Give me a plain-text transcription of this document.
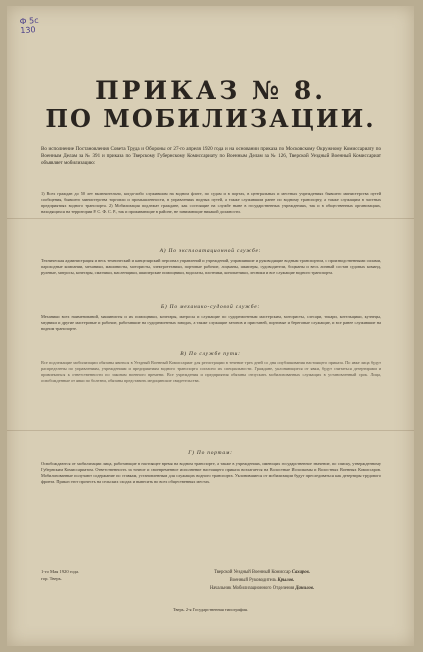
Ф 5с
130
ПРИКАЗ № 8.
ПО МОБИЛИЗАЦИИ.
Во исполнение Постановления Совета Труда и Обороны от 27-го апреля 1920 года и на основании приказа по Московскому Окружному Комиссариату по Военным Делам за № 391 и приказа по Тверскому Губернскому Комиссариату по Военным Делам за № 126, Тверской Уездный Военный Комиссариат объявляет мобилизацию:
1) Всех граждан до 50 лет включительно, когда-либо служившим на водном флоте, по судам и в портах, в центральных и местных учреждениях бывшего министерства путей сообщения, бывшего министерства торговли и промышленности, в управлениях водных путей, а также служившим ранее по водному транспорту, а также служащим в частных предприятиях водного транспорта. 2) Мобилизация подлежат граждане, как состоящие на службе ныне в государственных учреждениях, так и в общественных организациях, находящихся на территории Р. С. Ф. С. Р., так и проживающие в районе, не занимающие никакой должности.
А) По эксплоатационной службе:
Техническая администрация и весь технический и канцелярский персонал управлений и учреждений, управлявшие и руководящие водным транспортом, с производственными силами, пароходные компании, механики, машинисты, мотористы, электротехники, портовые рабочие, лоцманы, шкиперы, судоводители, боцманы и весь личный состав судовых команд, рулевые, матросы, кочегары, смазчики, масленщики, шкиперские помощники, водолазы, плотники, конопатчики, лесники и все служащие водного транспорта.
Б) По механико-судовой службе:
Механики всех наименований, машинисты и их помощники, кочегары, матросы и служащие по судоремонтным мастерским, мотористы, слесари, токари, котельщики, кузнецы, медники и другие мастеровые и рабочие, работавшие на судоремонтных заводах, а также служащие затонов и пристаней, портовые и береговые служащие, и все ранее служившие на водном транспорте.
В) По службе пути:
Все подлежащие мобилизации обязаны явиться в Уездный Военный Комиссариат для регистрации в течение трех дней со дня опубликования настоящего приказа. По явке лица будут распределены по управлениям, учреждениям и предприятиям водного транспорта согласно их специальности. Граждане, уклоняющиеся от явки, будут считаться дезертирами и привлекаться к ответственности по законам военного времени. Все учреждения и предприятия обязаны отпускать мобилизованных служащих в установленный срок. Лица, освобожденные от явки по болезни, обязаны представить медицинские свидетельства.
Г) По портам:
Освобождаются от мобилизации лица, работающие в настоящее время на водном транспорте, а также в учреждениях, имеющих государственное значение, по списку, утвержденному Губернским Комиссариатом. Ответственность за точное и своевременное исполнение настоящего приказа возлагается на Волостные Исполкомы и Волостных Военных Комиссаров. Мобилизованные получают содержание по ставкам, установленным для служащих водного транспорта. Уклонившиеся от мобилизации будут преследоваться как дезертиры трудового фронта. Приказ этот прочесть на сельских сходах и вывесить во всех общественных местах.
1-го Мая 1920 года.
гор. Тверь.
Тверской Уездный Военный Комиссар Сахаров.
Военный Руководитель Крылов.
Начальник Мобилизационного Отделения Данилов.
Тверь. 2-я Государственная типография.
